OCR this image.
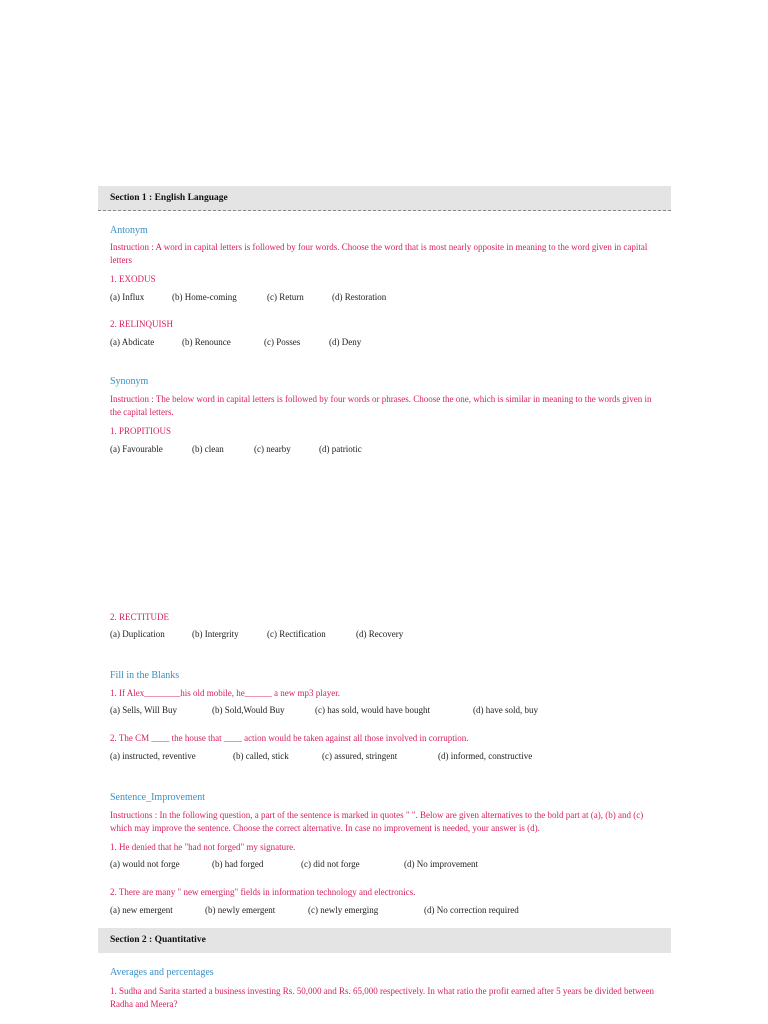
Section 1 : English Language
Antonym
Instruction : A word in capital letters is followed by four words. Choose the word that is most nearly opposite in meaning to the word given in capital letters
1. EXODUS
(a) Influx	(b) Home-coming	(c) Return	(d) Restoration
2. RELINQUISH
(a) Abdicate	(b) Renounce	(c) Posses	(d) Deny
Synonym
Instruction : The below word in capital letters is followed by four words or phrases. Choose the one, which is similar in meaning to the words given in the capital letters.
1. PROPITIOUS
(a) Favourable	(b) clean	(c) nearby	(d) patriotic
2. RECTITUDE
(a) Duplication	(b) Intergrity	(c) Rectification	(d) Recovery
Fill in the Blanks
1. If Alex________his old mobile, he______ a new mp3 player.
(a) Sells, Will Buy	(b) Sold,Would Buy	(c) has sold, would have bought	(d) have sold, buy
2. The CM ____ the house that ____ action would be taken against all those involved in corruption.
(a) instructed, reventive	(b) called, stick	(c) assured, stringent	(d) informed, constructive
Sentence_Improvement
Instructions : In the following question, a part of the sentence is marked in quotes " ". Below are given alternatives to the bold part at (a), (b) and (c) which may improve the sentence. Choose the correct alternative. In case no improvement is needed, your answer is (d).
1. He denied that he "had not forged" my signature.
(a) would not forge	(b) had forged	(c) did not forge	(d) No improvement
2. There are many " new emerging" fields in information technology and electronics.
(a) new emergent	(b) newly emergent	(c) newly emerging	(d) No correction required
Section 2 : Quantitative
Averages and percentages
1. Sudha and Sarita started a business investing Rs. 50,000 and Rs. 65,000 respectively. In what ratio the profit earned after 5 years be divided between Radha and Meera?
